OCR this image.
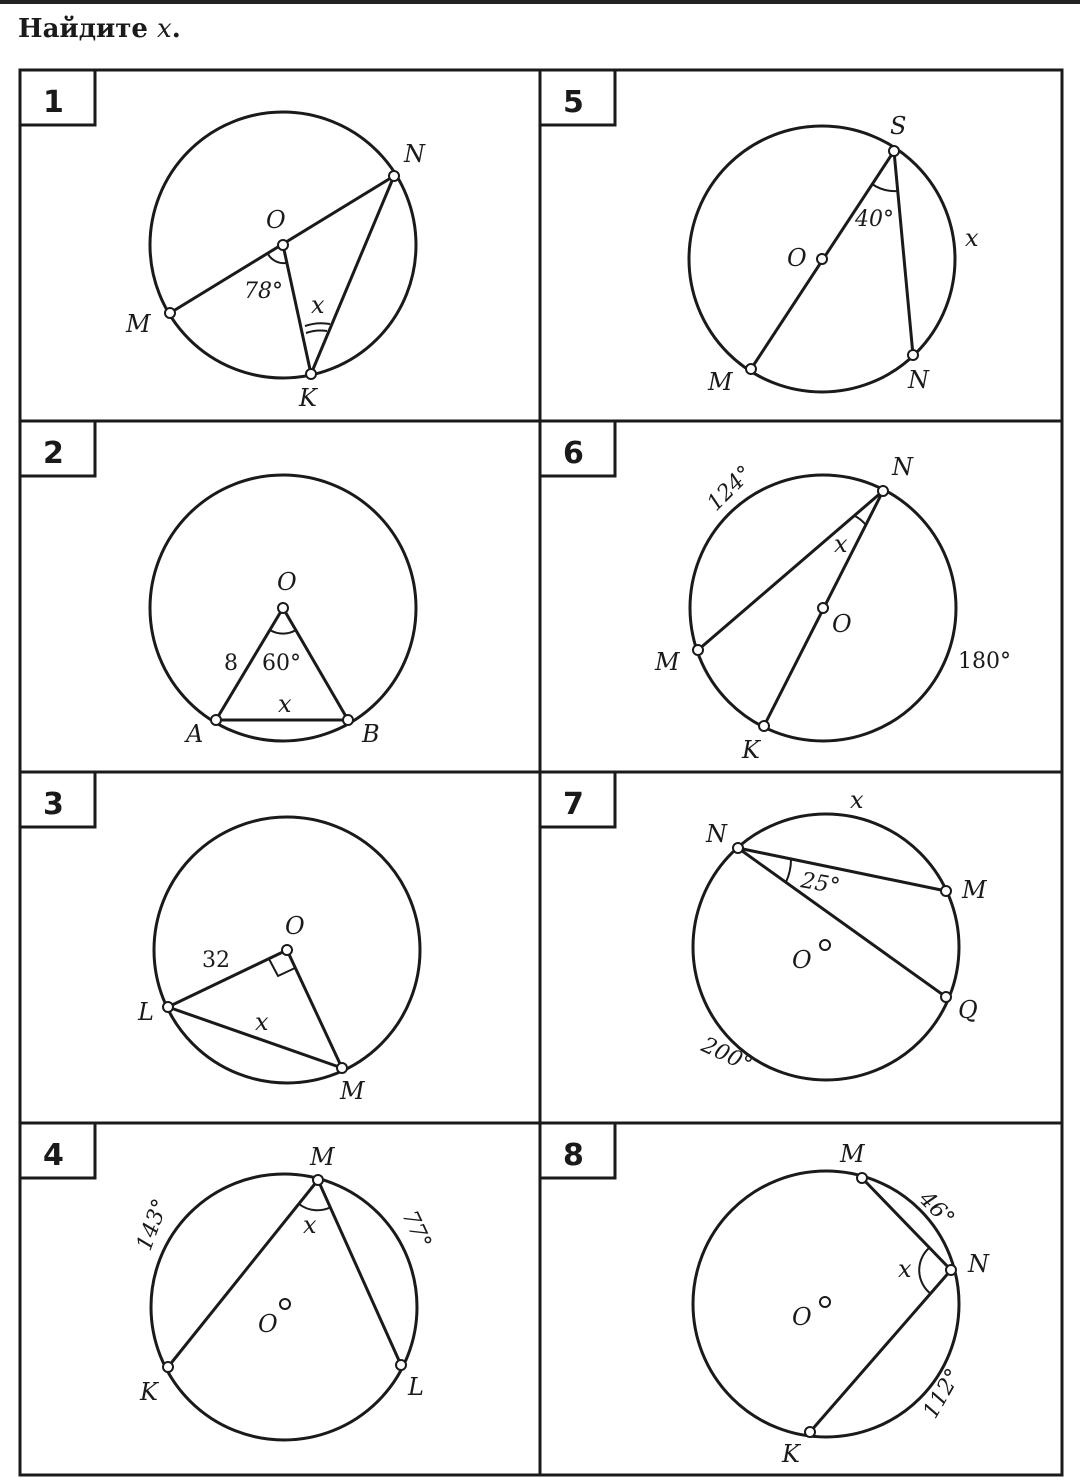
Найдите x.
1
O
N
M
K
78° x
2
O
A	B
8 60°
x
3
O
L
M
32
x
4	M
O
K	L
x
143°	77°
5
S
O
M	N
40°
x
6	N
O
M
K
x
124°
180°
7
N
M
O
Q
25°
x
200°
8	M
N
O
K
x
46°
112°
